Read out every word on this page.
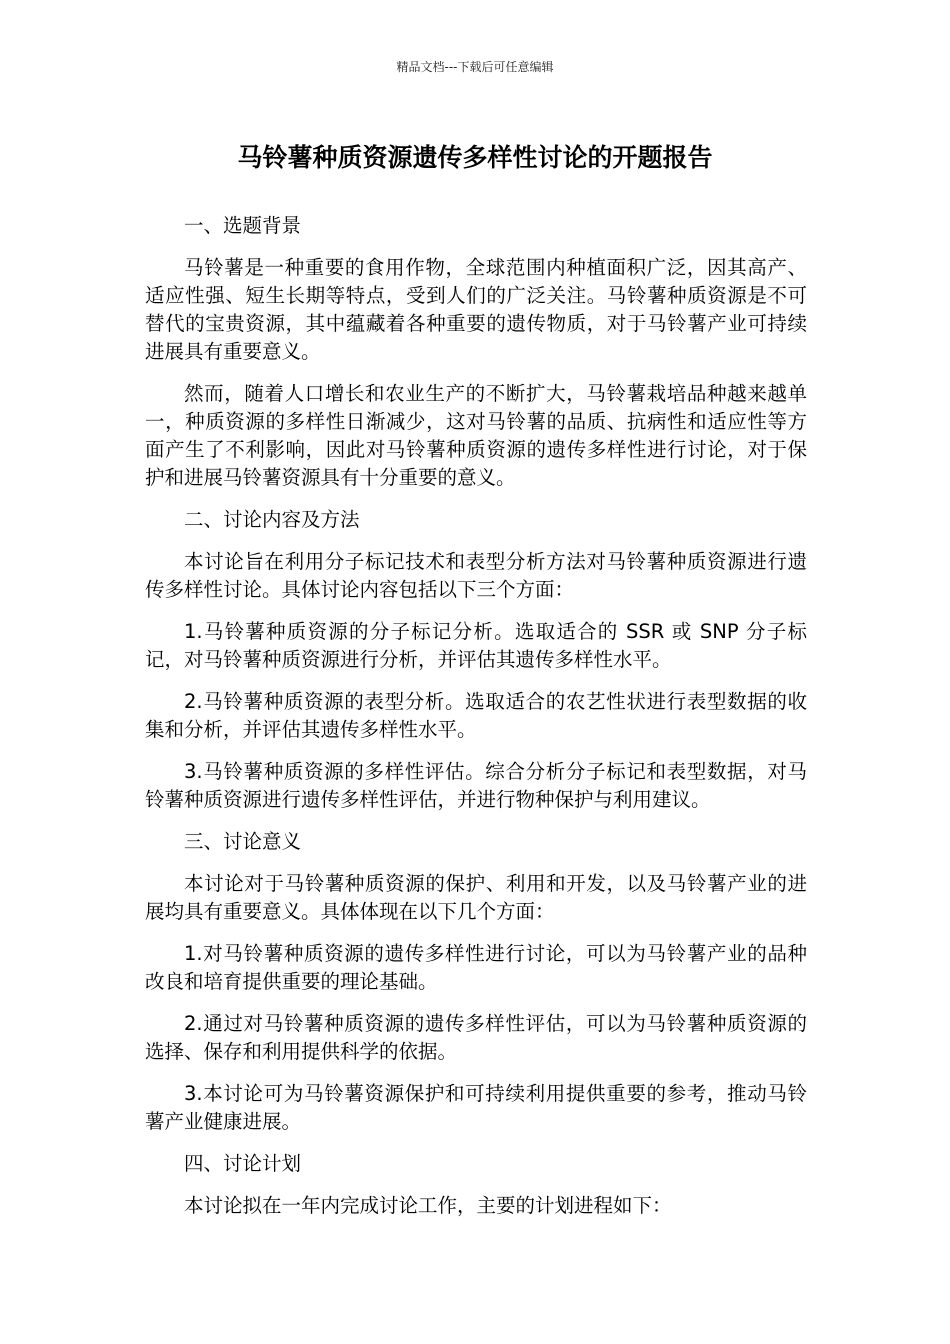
精品文档---下载后可任意编辑
马铃薯种质资源遗传多样性讨论的开题报告

一、选题背景

马铃薯是一种重要的食用作物，全球范围内种植面积广泛，因其高产、适应性强、短生长期等特点，受到人们的广泛关注。马铃薯种质资源是不可替代的宝贵资源，其中蕴藏着各种重要的遗传物质，对于马铃薯产业可持续进展具有重要意义。

然而，随着人口增长和农业生产的不断扩大，马铃薯栽培品种越来越单一，种质资源的多样性日渐减少，这对马铃薯的品质、抗病性和适应性等方面产生了不利影响，因此对马铃薯种质资源的遗传多样性进行讨论，对于保护和进展马铃薯资源具有十分重要的意义。

二、讨论内容及方法

本讨论旨在利用分子标记技术和表型分析方法对马铃薯种质资源进行遗传多样性讨论。具体讨论内容包括以下三个方面：

1.马铃薯种质资源的分子标记分析。选取适合的 SSR 或 SNP 分子标记，对马铃薯种质资源进行分析，并评估其遗传多样性水平。

2.马铃薯种质资源的表型分析。选取适合的农艺性状进行表型数据的收集和分析，并评估其遗传多样性水平。

3.马铃薯种质资源的多样性评估。综合分析分子标记和表型数据，对马铃薯种质资源进行遗传多样性评估，并进行物种保护与利用建议。

三、讨论意义

本讨论对于马铃薯种质资源的保护、利用和开发，以及马铃薯产业的进展均具有重要意义。具体体现在以下几个方面：

1.对马铃薯种质资源的遗传多样性进行讨论，可以为马铃薯产业的品种改良和培育提供重要的理论基础。

2.通过对马铃薯种质资源的遗传多样性评估，可以为马铃薯种质资源的选择、保存和利用提供科学的依据。

3.本讨论可为马铃薯资源保护和可持续利用提供重要的参考，推动马铃薯产业健康进展。

四、讨论计划

本讨论拟在一年内完成讨论工作，主要的计划进程如下：
